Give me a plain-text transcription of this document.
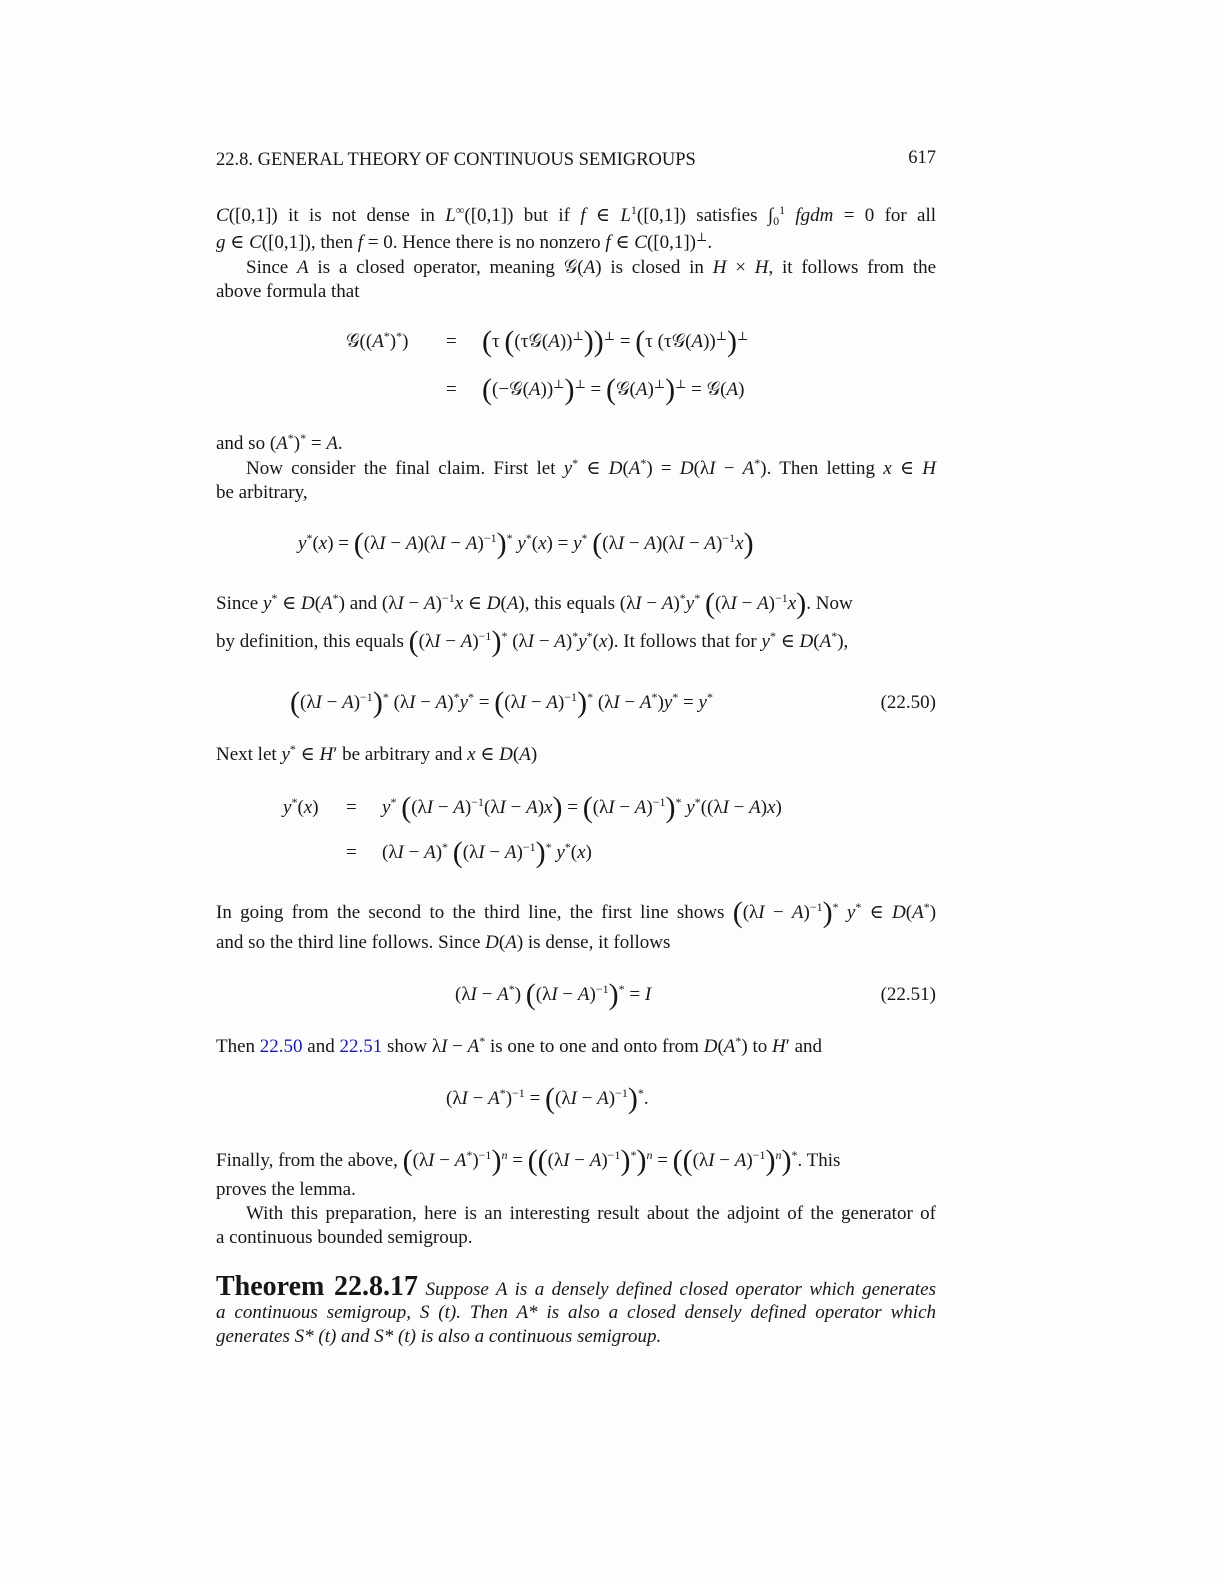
22.8. GENERAL THEORY OF CONTINUOUS SEMIGROUPS	617
C([0,1]) it is not dense in L∞([0,1]) but if f ∈ $L^1([0,1])$ satisfies $\int_0^1$ fgdm = 0 for all
g ∈ C([0,1]), then f = 0. Hence there is no nonzero f ∈ C([0,1])⊥.
Since A is a closed operator, meaning 𝒢(A) is closed in H × H, it follows from the
above formula that
𝒢((A*)*) = (τ ((τ𝒢(A))⊥))⊥ = (τ (τ𝒢(A))⊥)⊥
= ((−𝒢(A))⊥)⊥ = (𝒢(A)⊥)⊥ = 𝒢(A)
and so (A*)* = A.
Now consider the final claim. First let y* ∈ D(A*) = D(λI − A*). Then letting x ∈ H
be arbitrary,
$y^*(x) = ((\lambda I - A)(\lambda I - A)^{-1})^*$ y*(x) = y* $((\lambda I - A)(\lambda I - A)^{-1}x)$
Since y* ∈ D(A*) and $(\lambda I - A)^{-1}x$ ∈ D(A), this equals (λI − A)*y* $((\lambda I - A)^{-1}x)$. Now
by definition, this equals $((\lambda I - A)^{-1})^*$ (λI − A)*y*(x). It follows that for y* ∈ D(A*),
$((\lambda I - A)^{-1})^*$ $(\lambda I - A)^*y^* = ((\lambda I - A)^{-1})^*$ (λI − A*)y* = y*	(22.50)
Next let y* ∈ H′ be arbitrary and x ∈ D(A)
y*(x) = y* $((\lambda I - A)^{-1}(\lambda I - A)x) = ((\lambda I - A)^{-1})^*$ y*((λI − A)x)
= (λI − A)* $((\lambda I - A)^{-1})^*$ y*(x)
In going from the second to the third line, the first line shows $((\lambda I - A)^{-1})^*$ y* ∈ D(A*)
and so the third line follows. Since D(A) is dense, it follows
(λI − A*) $((\lambda I - A)^{-1})^* = I$	(22.51)
Then 22.50 and 22.51 show λI − A* is one to one and onto from D(A*) to H′ and
$(\lambda I - A^*)^{-1} = ((\lambda I - A)^{-1})^*$.
Finally, from the above, $((\lambda I - A^*)^{-1})^n = (((\lambda I - A)^{-1})^*)^n = (((\lambda I - A)^{-1})^n)^*$. This
proves the lemma.
With this preparation, here is an interesting result about the adjoint of the generator of
a continuous bounded semigroup.
Theorem 22.8.17 Suppose A is a densely defined closed operator which generates
a continuous semigroup, S (t). Then A* is also a closed densely defined operator which
generates S* (t) and S* (t) is also a continuous semigroup.
